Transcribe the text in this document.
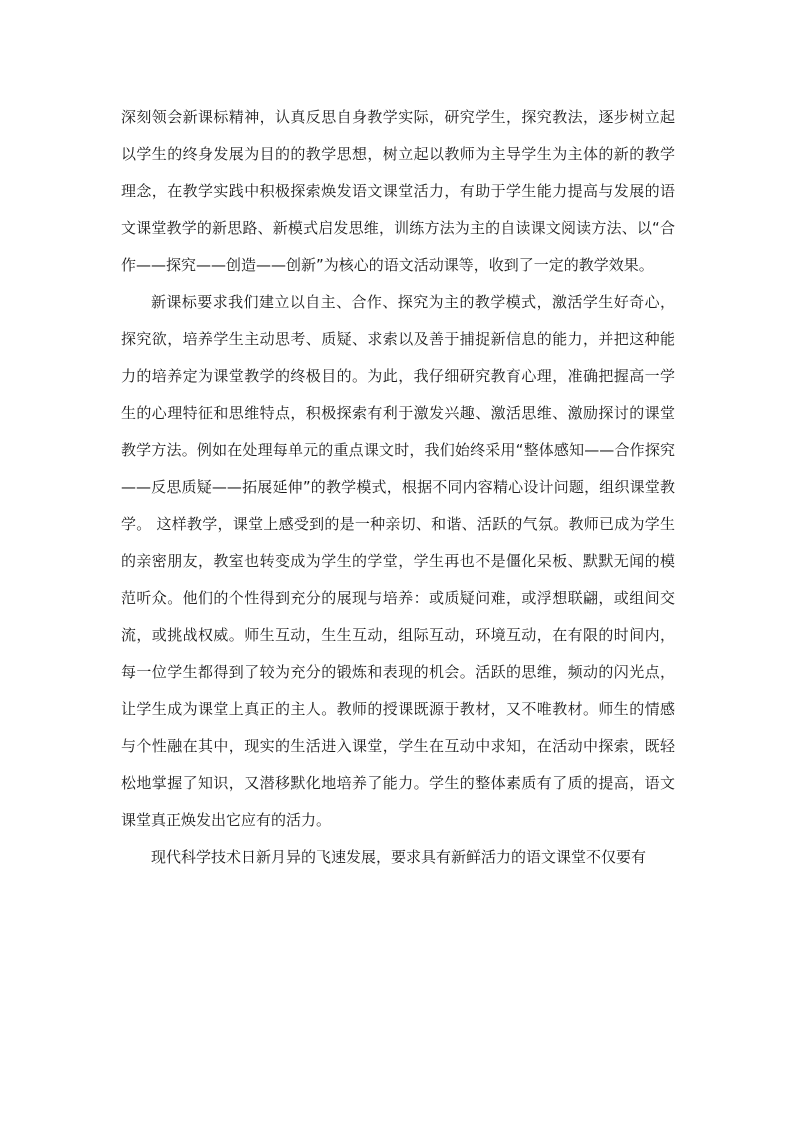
深刻领会新课标精神，认真反思自身教学实际，研究学生，探究教法，逐步树立起以学生的终身发展为目的的教学思想，树立起以教师为主导学生为主体的新的教学理念，在教学实践中积极探索焕发语文课堂活力，有助于学生能力提高与发展的语文课堂教学的新思路、新模式启发思维，训练方法为主的自读课文阅读方法、以“合作——探究——创造——创新”为核心的语文活动课等，收到了一定的教学效果。

新课标要求我们建立以自主、合作、探究为主的教学模式，激活学生好奇心，探究欲，培养学生主动思考、质疑、求索以及善于捕捉新信息的能力，并把这种能力的培养定为课堂教学的终极目的。为此，我仔细研究教育心理，准确把握高一学生的心理特征和思维特点，积极探索有利于激发兴趣、激活思维、激励探讨的课堂教学方法。例如在处理每单元的重点课文时，我们始终采用“整体感知——合作探究——反思质疑——拓展延伸”的教学模式，根据不同内容精心设计问题，组织课堂教学。 这样教学，课堂上感受到的是一种亲切、和谐、活跃的气氛。教师已成为学生的亲密朋友，教室也转变成为学生的学堂，学生再也不是僵化呆板、默默无闻的模范听众。他们的个性得到充分的展现与培养：或质疑问难，或浮想联翩，或组间交流，或挑战权威。师生互动，生生互动，组际互动，环境互动，在有限的时间内，每一位学生都得到了较为充分的锻炼和表现的机会。活跃的思维，频动的闪光点，让学生成为课堂上真正的主人。教师的授课既源于教材，又不唯教材。师生的情感与个性融在其中，现实的生活进入课堂，学生在互动中求知，在活动中探索，既轻松地掌握了知识，又潜移默化地培养了能力。学生的整体素质有了质的提高，语文课堂真正焕发出它应有的活力。

现代科学技术日新月异的飞速发展，要求具有新鲜活力的语文课堂不仅要有
